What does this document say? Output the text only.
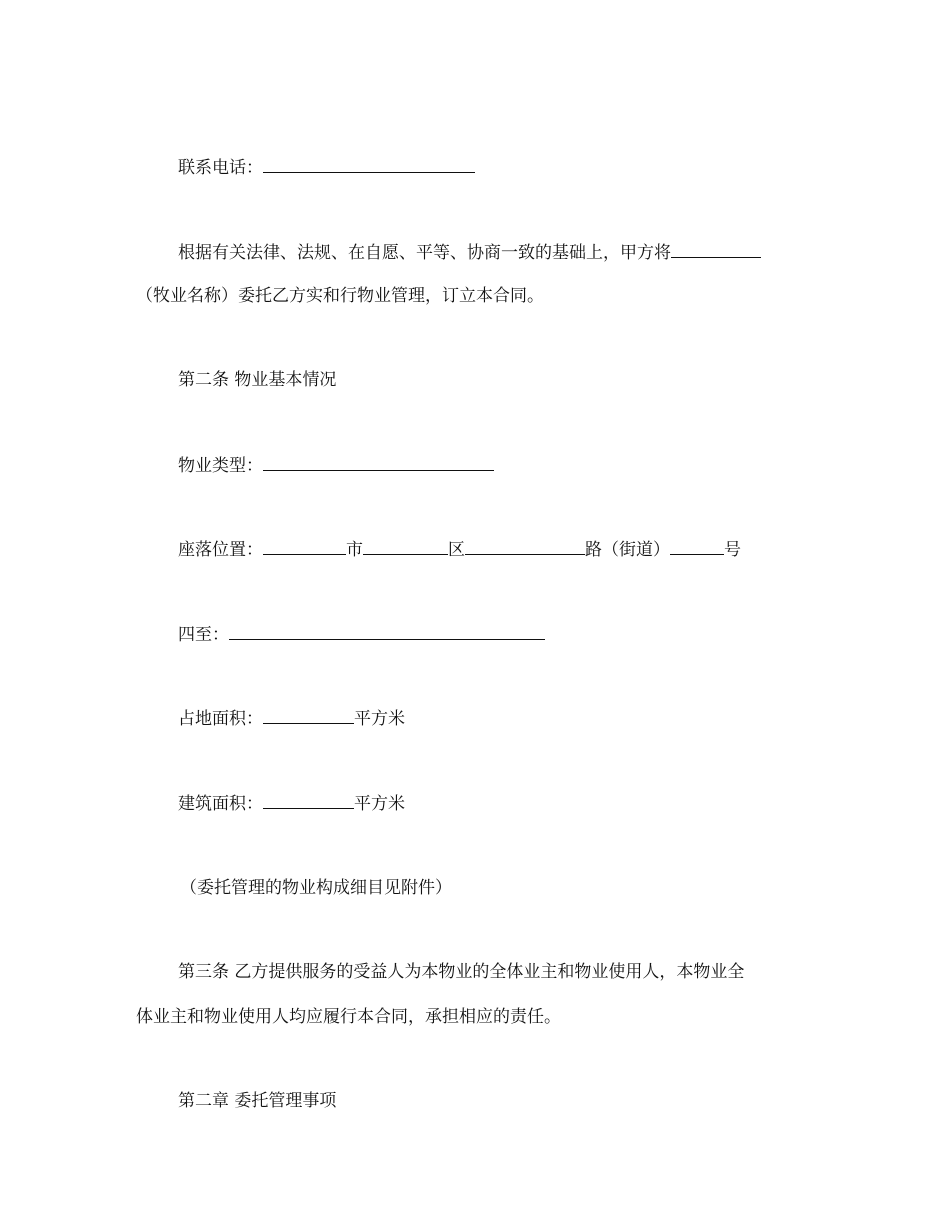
联系电话：
根据有关法律、法规、在自愿、平等、协商一致的基础上，甲方将
（牧业名称）委托乙方实和行物业管理，订立本合同。
第二条 物业基本情况
物业类型：
座落位置：	市	区	路（街道）	号
四至：
占地面积：	平方米
建筑面积：	平方米
（委托管理的物业构成细目见附件）
第三条 乙方提供服务的受益人为本物业的全体业主和物业使用人，本物业全
体业主和物业使用人均应履行本合同，承担相应的责任。
第二章 委托管理事项
